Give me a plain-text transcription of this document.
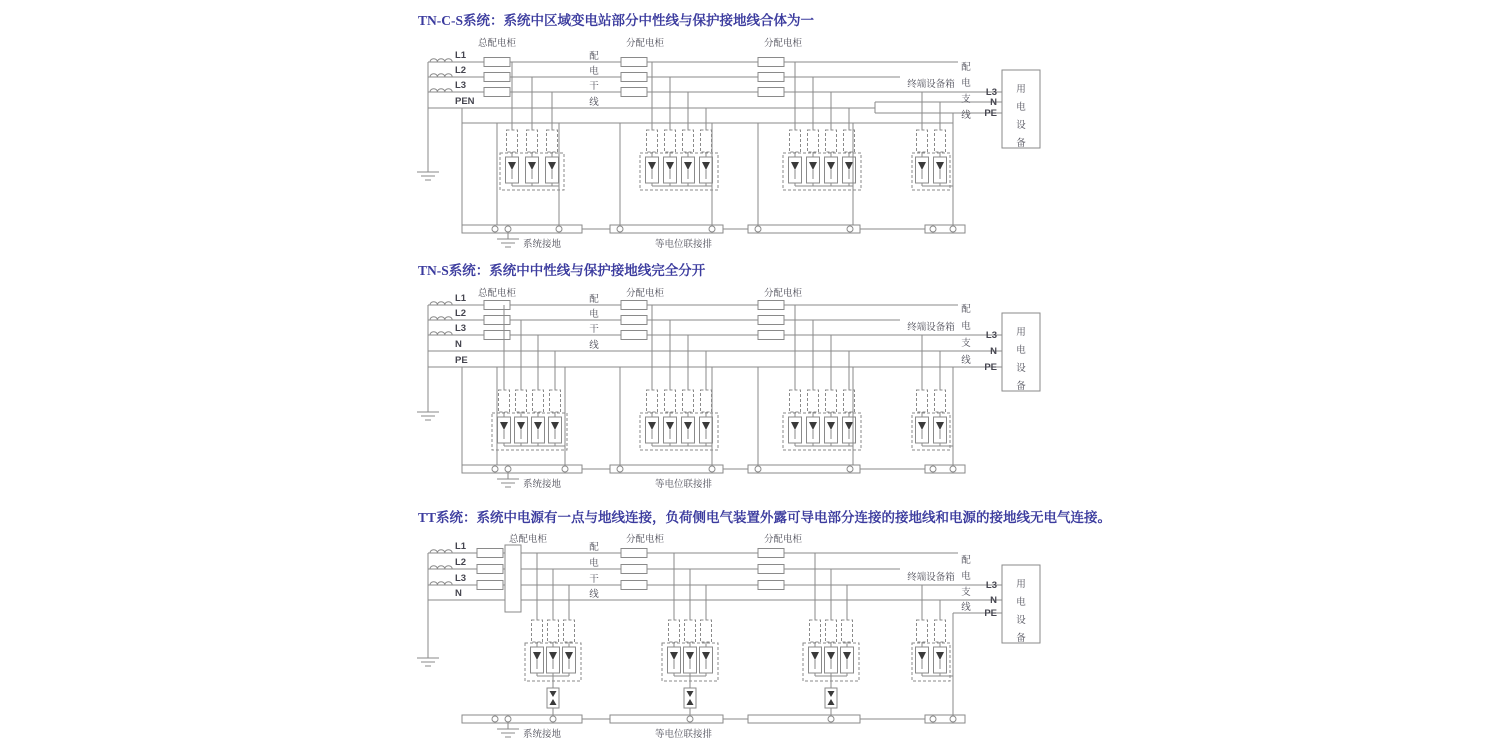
TN-C-S系统：系统中区域变电站部分中性线与保护接地线合体为一
TN-S系统：系统中中性线与保护接地线完全分开
TT系统：系统中电源有一点与地线连接，负荷侧电气装置外露可导电部分连接的接地线和电源的接地线无电气连接。
L1
L2
L3
PEN
总配电柜	分配电柜	分配电柜
终端设备箱
配
电
干
线
配
电
支
线
L3
N
PE
用
电
设
备
系统接地	等电位联接排
L1
L2
L3
N
PE
总配电柜	分配电柜	分配电柜
终端设备箱
配
电
干
线
配
电
支
线
L3
N
PE
用
电
设
备
系统接地	等电位联接排
L1
L2
L3
N
总配电柜	分配电柜	分配电柜
终端设备箱
配
电
干
线
配
电
支
线
L3
N
PE
用
电
设
备
系统接地	等电位联接排
